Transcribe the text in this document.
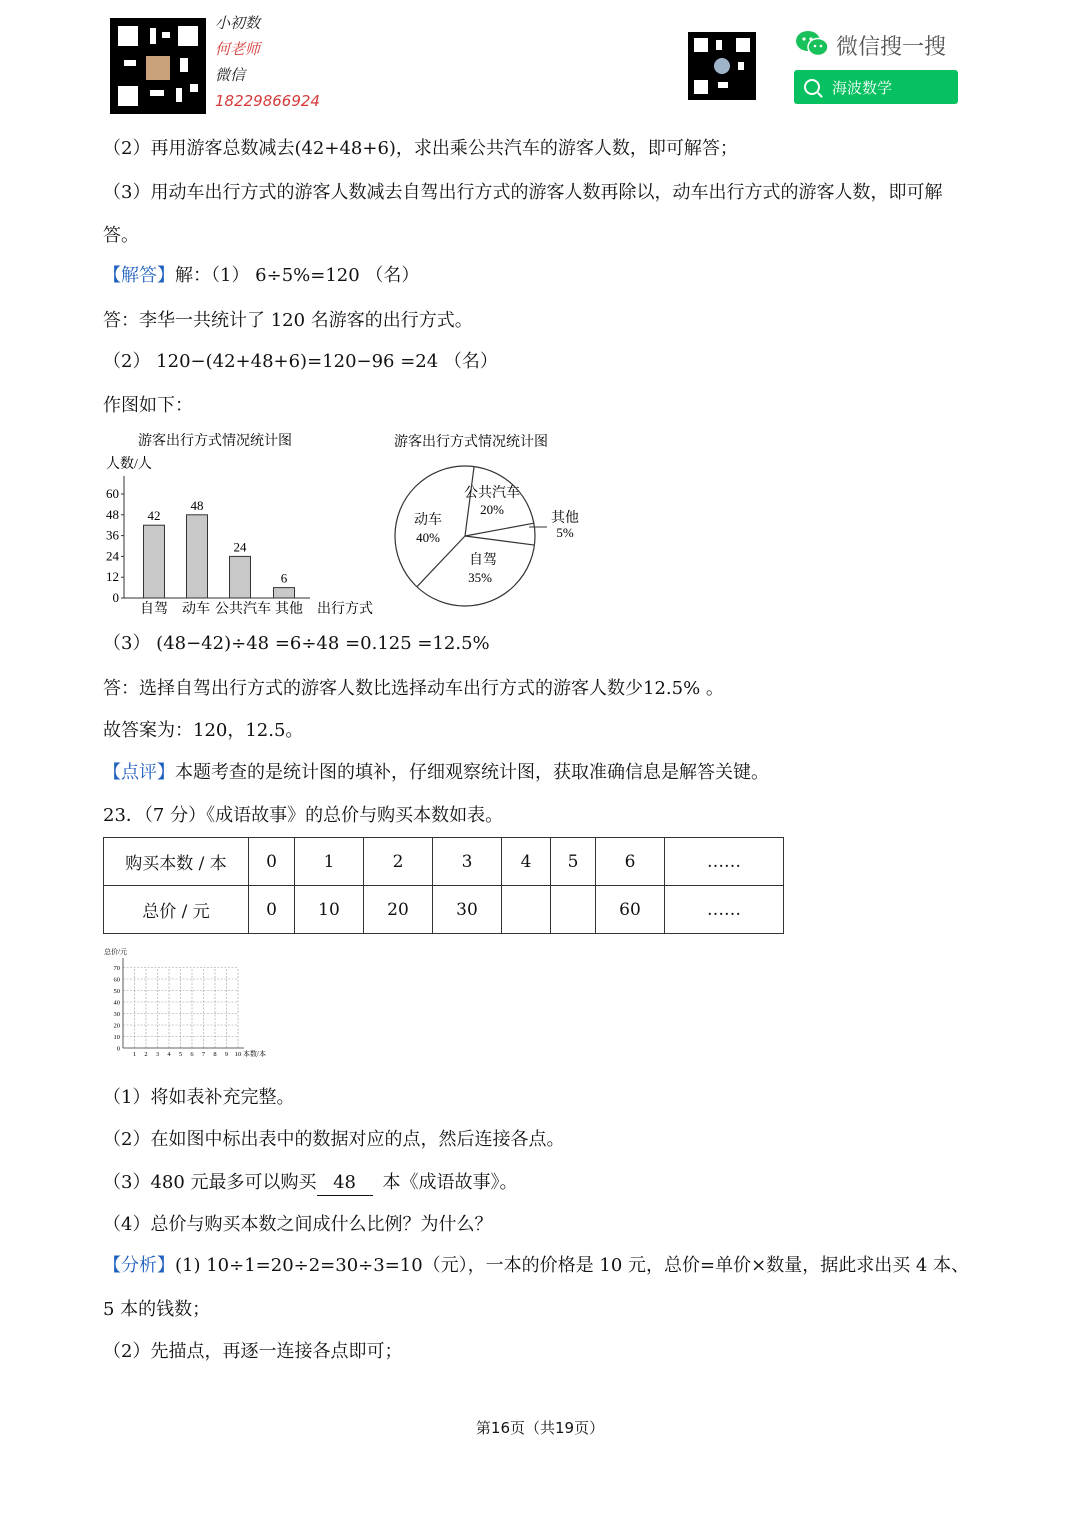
小初数
何老师
微信
18229866924
微信搜一搜
海波数学
（2）再用游客总数减去(42+48+6)，求出乘公共汽车的游客人数，即可解答；
（3）用动车出行方式的游客人数减去自驾出行方式的游客人数再除以，动车出行方式的游客人数，即可解
答。
【解答】解：（1） 6÷5%=120 （名）
答：李华一共统计了 120 名游客的出行方式。
（2） 120−(42+48+6)=120−96 =24 （名）
作图如下：
游客出行方式情况统计图
人数/人
出行方式
0
12
24
36
48
60
42
48
24
6
自驾 动车 公共汽车 其他
游客出行方式情况统计图
公共汽车
20%
其他
5%
自驾
35%
动车
40%
（3） (48−42)÷48 =6÷48 =0.125 =12.5%
答：选择自驾出行方式的游客人数比选择动车出行方式的游客人数少12.5% 。
故答案为：120，12.5。
【点评】本题考查的是统计图的填补，仔细观察统计图，获取准确信息是解答关键。
23．（7 分）《成语故事》的总价与购买本数如表。
购买本数 / 本	0	1	2	3	4	5	6	……
总价 / 元	0	10	20	30			60	……
总价/元
本数/本
1 2 3 4 5 6 7 8 9 10
0
10
20
30
40
50
60
70
（1）将如表补充完整。
（2）在如图中标出表中的数据对应的点，然后连接各点。
（3）480 元最多可以购买 48 本《成语故事》。
（4）总价与购买本数之间成什么比例？为什么？
【分析】(1) 10÷1=20÷2=30÷3=10（元），一本的价格是 10 元，总价=单价×数量，据此求出买 4 本、
5 本的钱数；
（2）先描点，再逐一连接各点即可；
第16页（共19页）
